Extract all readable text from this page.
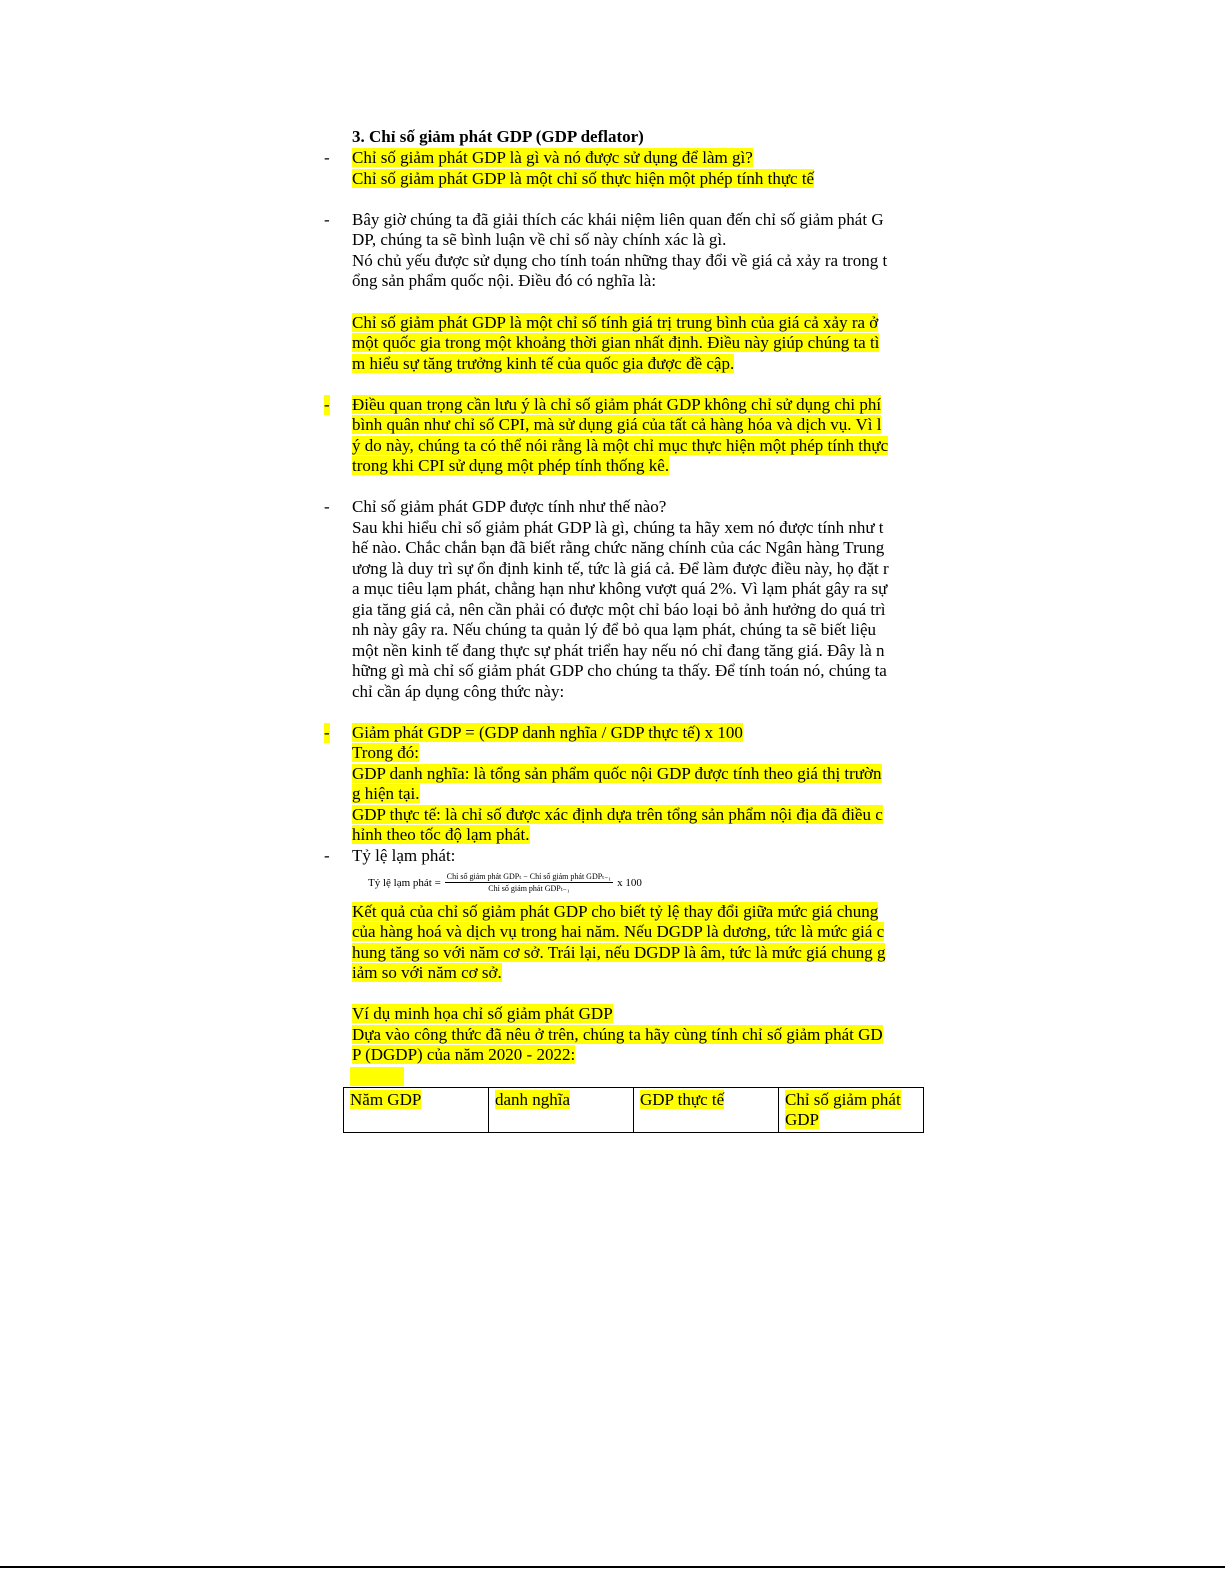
3. Chỉ số giảm phát GDP (GDP deflator)
- Chỉ số giảm phát GDP là gì và nó được sử dụng để làm gì?
Chỉ số giảm phát GDP là một chỉ số thực hiện một phép tính thực tế
- Bây giờ chúng ta đã giải thích các khái niệm liên quan đến chỉ số giảm phát G
DP, chúng ta sẽ bình luận về chỉ số này chính xác là gì.
Nó chủ yếu được sử dụng cho tính toán những thay đổi về giá cả xảy ra trong t
ổng sản phẩm quốc nội. Điều đó có nghĩa là:
Chỉ số giảm phát GDP là một chỉ số tính giá trị trung bình của giá cả xảy ra ở
một quốc gia trong một khoảng thời gian nhất định. Điều này giúp chúng ta tì
m hiểu sự tăng trưởng kinh tế của quốc gia được đề cập.
- Điều quan trọng cần lưu ý là chỉ số giảm phát GDP không chỉ sử dụng chi phí
bình quân như chỉ số CPI, mà sử dụng giá của tất cả hàng hóa và dịch vụ. Vì l
ý do này, chúng ta có thể nói rằng là một chỉ mục thực hiện một phép tính thực
trong khi CPI sử dụng một phép tính thống kê.
- Chỉ số giảm phát GDP được tính như thế nào?
Sau khi hiểu chỉ số giảm phát GDP là gì, chúng ta hãy xem nó được tính như t
hế nào. Chắc chắn bạn đã biết rằng chức năng chính của các Ngân hàng Trung
ương là duy trì sự ổn định kinh tế, tức là giá cả. Để làm được điều này, họ đặt r
a mục tiêu lạm phát, chẳng hạn như không vượt quá 2%. Vì lạm phát gây ra sự
gia tăng giá cả, nên cần phải có được một chỉ báo loại bỏ ảnh hưởng do quá trì
nh này gây ra. Nếu chúng ta quản lý để bỏ qua lạm phát, chúng ta sẽ biết liệu
một nền kinh tế đang thực sự phát triển hay nếu nó chỉ đang tăng giá. Đây là n
hững gì mà chỉ số giảm phát GDP cho chúng ta thấy. Để tính toán nó, chúng ta
chỉ cần áp dụng công thức này:
- Giảm phát GDP = (GDP danh nghĩa / GDP thực tế) x 100
Trong đó:
GDP danh nghĩa: là tổng sản phẩm quốc nội GDP được tính theo giá thị trườn
g hiện tại.
GDP thực tế: là chỉ số được xác định dựa trên tổng sản phẩm nội địa đã điều c
hỉnh theo tốc độ lạm phát.
- Tỷ lệ lạm phát:
Tỷ lệ lạm phát = $\frac{\text{Chỉ số giảm phát GDPₜ − Chỉ số giảm phát GDPₜ₋₁}}{\text{Chỉ số giảm phát GDPₜ₋₁}}$ x 100
Kết quả của chỉ số giảm phát GDP cho biết tỷ lệ thay đổi giữa mức giá chung
của hàng hoá và dịch vụ trong hai năm. Nếu DGDP là dương, tức là mức giá c
hung tăng so với năm cơ sở. Trái lại, nếu DGDP là âm, tức là mức giá chung g
iảm so với năm cơ sở.
Ví dụ minh họa chỉ số giảm phát GDP
Dựa vào công thức đã nêu ở trên, chúng ta hãy cùng tính chỉ số giảm phát GD
P (DGDP) của năm 2020 - 2022:
Năm GDP	danh nghĩa	GDP thực tế	Chỉ số giảm phát
GDP
